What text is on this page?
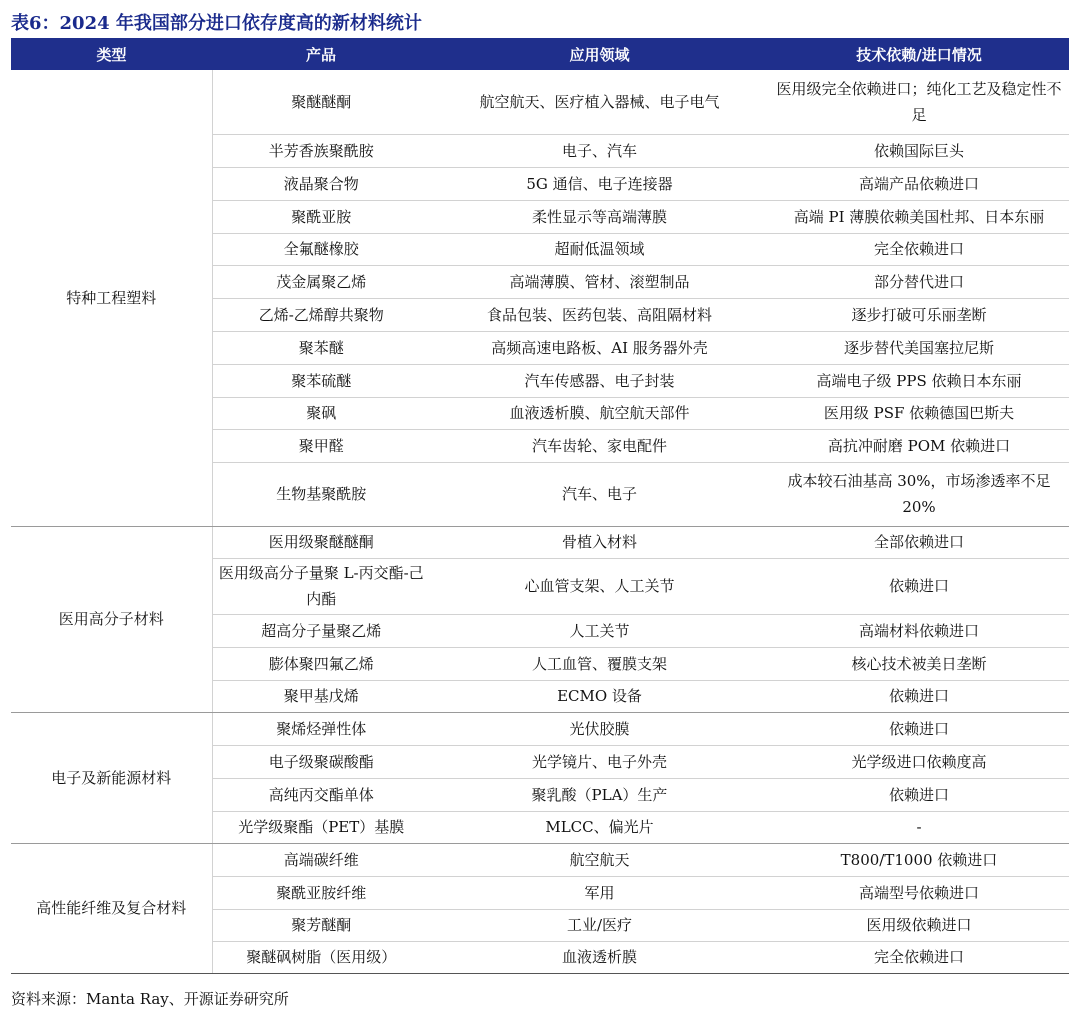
表6：2024 年我国部分进口依存度高的新材料统计
类型	产品	应用领域	技术依赖/进口情况
特种工程塑料	聚醚醚酮	航空航天、医疗植入器械、电子电气	医用级完全依赖进口；纯化工艺及稳定性不足
	半芳香族聚酰胺	电子、汽车	依赖国际巨头
	液晶聚合物	5G 通信、电子连接器	高端产品依赖进口
	聚酰亚胺	柔性显示等高端薄膜	高端 PI 薄膜依赖美国杜邦、日本东丽
	全氟醚橡胶	超耐低温领域	完全依赖进口
	茂金属聚乙烯	高端薄膜、管材、滚塑制品	部分替代进口
	乙烯-乙烯醇共聚物	食品包装、医药包装、高阻隔材料	逐步打破可乐丽垄断
	聚苯醚	高频高速电路板、AI 服务器外壳	逐步替代美国塞拉尼斯
	聚苯硫醚	汽车传感器、电子封装	高端电子级 PPS 依赖日本东丽
	聚砜	血液透析膜、航空航天部件	医用级 PSF 依赖德国巴斯夫
	聚甲醛	汽车齿轮、家电配件	高抗冲耐磨 POM 依赖进口
	生物基聚酰胺	汽车、电子	成本较石油基高 30%，市场渗透率不足 20%
医用高分子材料	医用级聚醚醚酮	骨植入材料	全部依赖进口
	医用级高分子量聚 L-丙交酯-己内酯	心血管支架、人工关节	依赖进口
	超高分子量聚乙烯	人工关节	高端材料依赖进口
	膨体聚四氟乙烯	人工血管、覆膜支架	核心技术被美日垄断
	聚甲基戊烯	ECMO 设备	依赖进口
电子及新能源材料	聚烯烃弹性体	光伏胶膜	依赖进口
	电子级聚碳酸酯	光学镜片、电子外壳	光学级进口依赖度高
	高纯丙交酯单体	聚乳酸（PLA）生产	依赖进口
	光学级聚酯（PET）基膜	MLCC、偏光片	-
高性能纤维及复合材料	高端碳纤维	航空航天	T800/T1000 依赖进口
	聚酰亚胺纤维	军用	高端型号依赖进口
	聚芳醚酮	工业/医疗	医用级依赖进口
	聚醚砜树脂（医用级）	血液透析膜	完全依赖进口
资料来源：Manta Ray、开源证券研究所
